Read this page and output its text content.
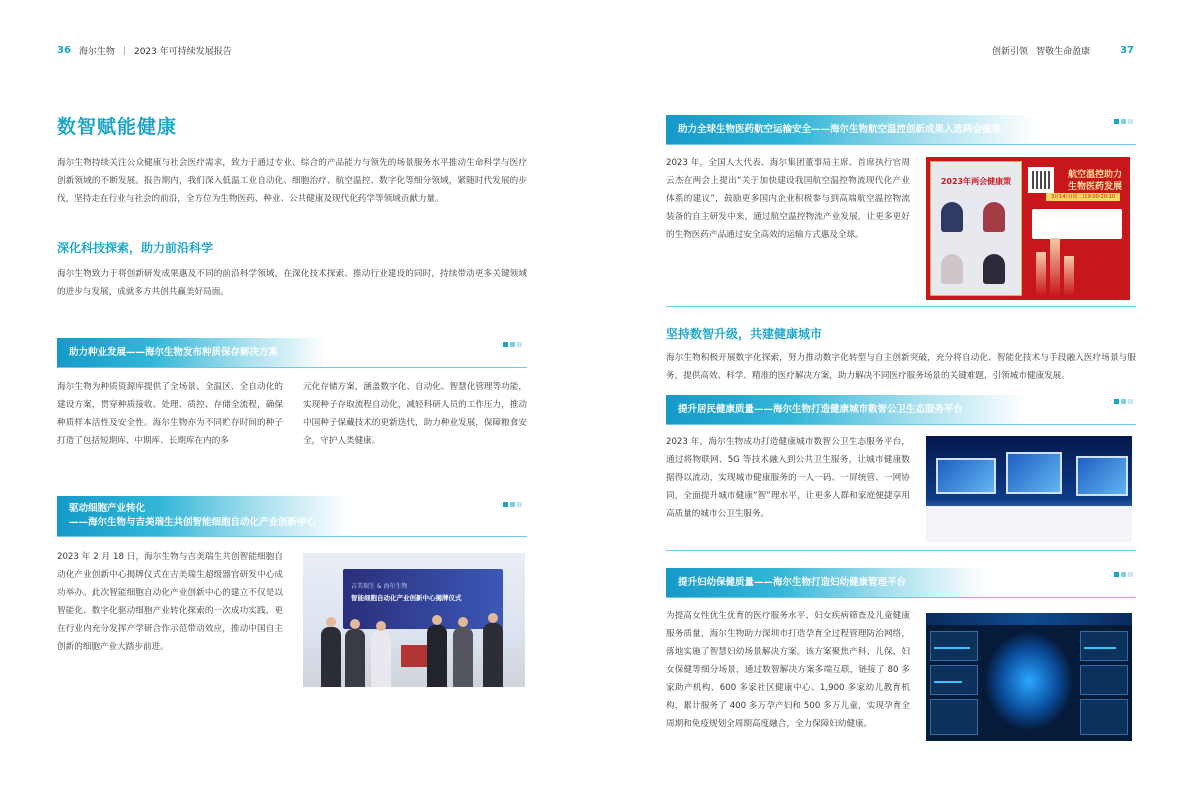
36 海尔生物 | 2023 年可持续发展报告	创新引领 智敬生命盈康	37
数智赋能健康
海尔生物持续关注公众健康与社会医疗需求，致力于通过专业、综合的产品能力与领先的场景服务水平推动生命科学与医疗创新领域的不断发展。报告期内，我们深入低温工业自动化、细胞治疗、航空温控、数字化等细分领域，紧随时代发展的步伐，坚持走在行业与社会的前沿，全方位为生物医药、种业、公共健康及现代化药学等领域贡献力量。
深化科技探索，助力前沿科学
海尔生物致力于将创新研发成果惠及不同的前沿科学领域，在深化技术探索、推动行业建设的同时，持续带动更多关键领域的进步与发展，成就多方共创共赢美好局面。
助力种业发展——海尔生物发布种质保存解决方案
海尔生物为种质资源库提供了全场景、全温区、全自动化的建设方案，贯穿种质接收、处理、质控、存储全流程，确保种质样本活性及安全性。海尔生物亦为不同贮存时间的种子打造了包括短期库、中期库、长期库在内的多
元化存储方案，涵盖数字化、自动化、智慧化管理等功能，实现种子存取流程自动化，减轻科研人员的工作压力，推动中国种子保藏技术的更新迭代，助力种业发展，保障粮食安全，守护人类健康。
驱动细胞产业转化
——海尔生物与吉美瑞生共创智能细胞自动化产业创新中心
2023 年 2 月 18 日，海尔生物与吉美瑞生共创智能细胞自动化产业创新中心揭牌仪式在吉美瑞生超级器官研发中心成功举办。此次智能细胞自动化产业创新中心的建立不仅是以智能化、数字化驱动细胞产业转化探索的一次成功实践，更在行业内充分发挥产学研合作示范带动效应，推动中国自主创新的细胞产业大踏步前进。
吉美瑞生 & 海尔生物
智能细胞自动化产业创新中心揭牌仪式
助力全球生物医药航空运输安全——海尔生物航空温控创新成果入选两会提案
2023 年，全国人大代表、海尔集团董事局主席、首席执行官周云杰在两会上提出“关于加快建设我国航空温控物流现代化产业体系的建议”，鼓励更多国内企业积极参与到高端航空温控物流装备的自主研发中来，通过航空温控物流产业发展，让更多更好的生物医药产品通过安全高效的运输方式惠及全球。
2023年两会健康策
航空温控助力
生物医药发展
3月14日(周二)19:00-20:10
坚持数智升级，共建健康城市
海尔生物积极开展数字化探索，努力推动数字化转型与自主创新突破，充分将自动化、智能化技术与手段融入医疗场景与服务，提供高效、科学、精准的医疗解决方案，助力解决不同医疗服务场景的关键难题，引领城市健康发展。
提升居民健康质量——海尔生物打造健康城市数智公卫生态服务平台
2023 年，海尔生物成功打造健康城市数智公卫生态服务平台，通过将物联网、5G 等技术融入到公共卫生服务，让城市健康数据得以流动，实现城市健康服务的一人一码、一屏统管、一网协同，全面提升城市健康“智”理水平，让更多人群和家庭便捷享用高质量的城市公卫生服务。
提升妇幼保健质量——海尔生物打造妇幼健康管理平台
为提高女性优生优育的医疗服务水平、妇女疾病筛查及儿童健康服务质量，海尔生物助力深圳市打造孕育全过程管理防治网络，落地实施了智慧妇幼场景解决方案。该方案聚焦产科、儿保、妇女保健等细分场景，通过数智解决方案多端互联，链接了 80 多家助产机构、600 多家社区健康中心、1,900 多家幼儿教育机构，累计服务了 400 多万孕产妇和 500 多万儿童，实现孕育全周期和免疫规划全周期高度融合，全力保障妇幼健康。
